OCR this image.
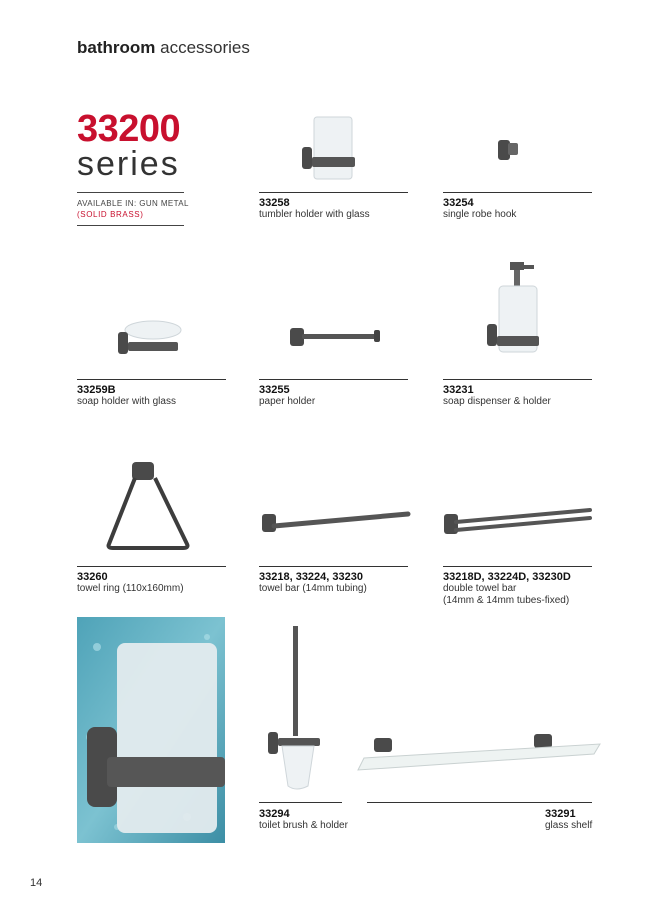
bathroom accessories
33200
series
AVAILABLE IN: GUN METAL
(SOLID BRASS)
33258
tumbler holder with glass
33254
single robe hook
33259B
soap holder with glass
33255
paper holder
33231
soap dispenser & holder
33260
towel ring (110x160mm)
33218, 33224, 33230
towel bar (14mm tubing)
33218D, 33224D, 33230D
double towel bar
(14mm & 14mm tubes-fixed)
33294
toilet brush & holder
33291
glass shelf
14
